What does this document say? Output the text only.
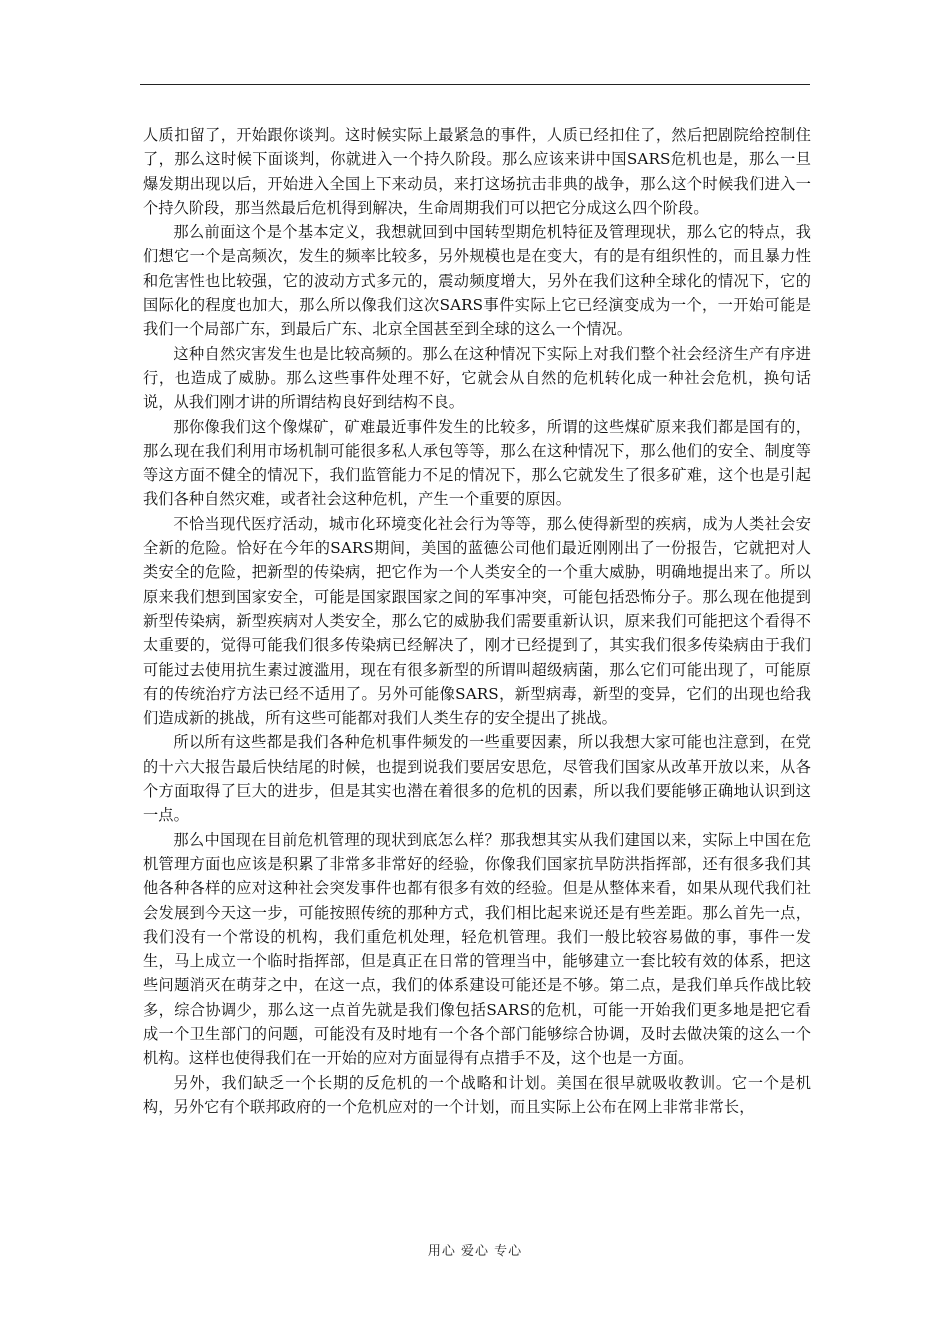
人质扣留了，开始跟你谈判。这时候实际上最紧急的事件，人质已经扣住了，然后把剧院给控制住了，那么这时候下面谈判，你就进入一个持久阶段。那么应该来讲中国SARS危机也是，那么一旦爆发期出现以后，开始进入全国上下来动员，来打这场抗击非典的战争，那么这个时候我们进入一个持久阶段，那当然最后危机得到解决，生命周期我们可以把它分成这么四个阶段。

那么前面这个是个基本定义，我想就回到中国转型期危机特征及管理现状，那么它的特点，我们想它一个是高频次，发生的频率比较多，另外规模也是在变大，有的是有组织性的，而且暴力性和危害性也比较强，它的波动方式多元的，震动频度增大，另外在我们这种全球化的情况下，它的国际化的程度也加大，那么所以像我们这次SARS事件实际上它已经演变成为一个，一开始可能是我们一个局部广东，到最后广东、北京全国甚至到全球的这么一个情况。

这种自然灾害发生也是比较高频的。那么在这种情况下实际上对我们整个社会经济生产有序进行，也造成了威胁。那么这些事件处理不好，它就会从自然的危机转化成一种社会危机，换句话说，从我们刚才讲的所谓结构良好到结构不良。

那你像我们这个像煤矿，矿难最近事件发生的比较多，所谓的这些煤矿原来我们都是国有的，那么现在我们利用市场机制可能很多私人承包等等，那么在这种情况下，那么他们的安全、制度等等这方面不健全的情况下，我们监管能力不足的情况下，那么它就发生了很多矿难，这个也是引起我们各种自然灾难，或者社会这种危机，产生一个重要的原因。

不恰当现代医疗活动，城市化环境变化社会行为等等，那么使得新型的疾病，成为人类社会安全新的危险。恰好在今年的SARS期间，美国的蓝德公司他们最近刚刚出了一份报告，它就把对人类安全的危险，把新型的传染病，把它作为一个人类安全的一个重大威胁，明确地提出来了。所以原来我们想到国家安全，可能是国家跟国家之间的军事冲突，可能包括恐怖分子。那么现在他提到新型传染病，新型疾病对人类安全，那么它的威胁我们需要重新认识，原来我们可能把这个看得不太重要的，觉得可能我们很多传染病已经解决了，刚才已经提到了，其实我们很多传染病由于我们可能过去使用抗生素过渡滥用，现在有很多新型的所谓叫超级病菌，那么它们可能出现了，可能原有的传统治疗方法已经不适用了。另外可能像SARS，新型病毒，新型的变异，它们的出现也给我们造成新的挑战，所有这些可能都对我们人类生存的安全提出了挑战。

所以所有这些都是我们各种危机事件频发的一些重要因素，所以我想大家可能也注意到，在党的十六大报告最后快结尾的时候，也提到说我们要居安思危，尽管我们国家从改革开放以来，从各个方面取得了巨大的进步，但是其实也潜在着很多的危机的因素，所以我们要能够正确地认识到这一点。

那么中国现在目前危机管理的现状到底怎么样？那我想其实从我们建国以来，实际上中国在危机管理方面也应该是积累了非常多非常好的经验，你像我们国家抗旱防洪指挥部，还有很多我们其他各种各样的应对这种社会突发事件也都有很多有效的经验。但是从整体来看，如果从现代我们社会发展到今天这一步，可能按照传统的那种方式，我们相比起来说还是有些差距。那么首先一点，我们没有一个常设的机构，我们重危机处理，轻危机管理。我们一般比较容易做的事，事件一发生，马上成立一个临时指挥部，但是真正在日常的管理当中，能够建立一套比较有效的体系，把这些问题消灭在萌芽之中，在这一点，我们的体系建设可能还是不够。第二点，是我们单兵作战比较多，综合协调少，那么这一点首先就是我们像包括SARS的危机，可能一开始我们更多地是把它看成一个卫生部门的问题，可能没有及时地有一个各个部门能够综合协调，及时去做决策的这么一个机构。这样也使得我们在一开始的应对方面显得有点措手不及，这个也是一方面。

另外，我们缺乏一个长期的反危机的一个战略和计划。美国在很早就吸收教训。它一个是机构，另外它有个联邦政府的一个危机应对的一个计划，而且实际上公布在网上非常非常长，

用心 爱心 专心
